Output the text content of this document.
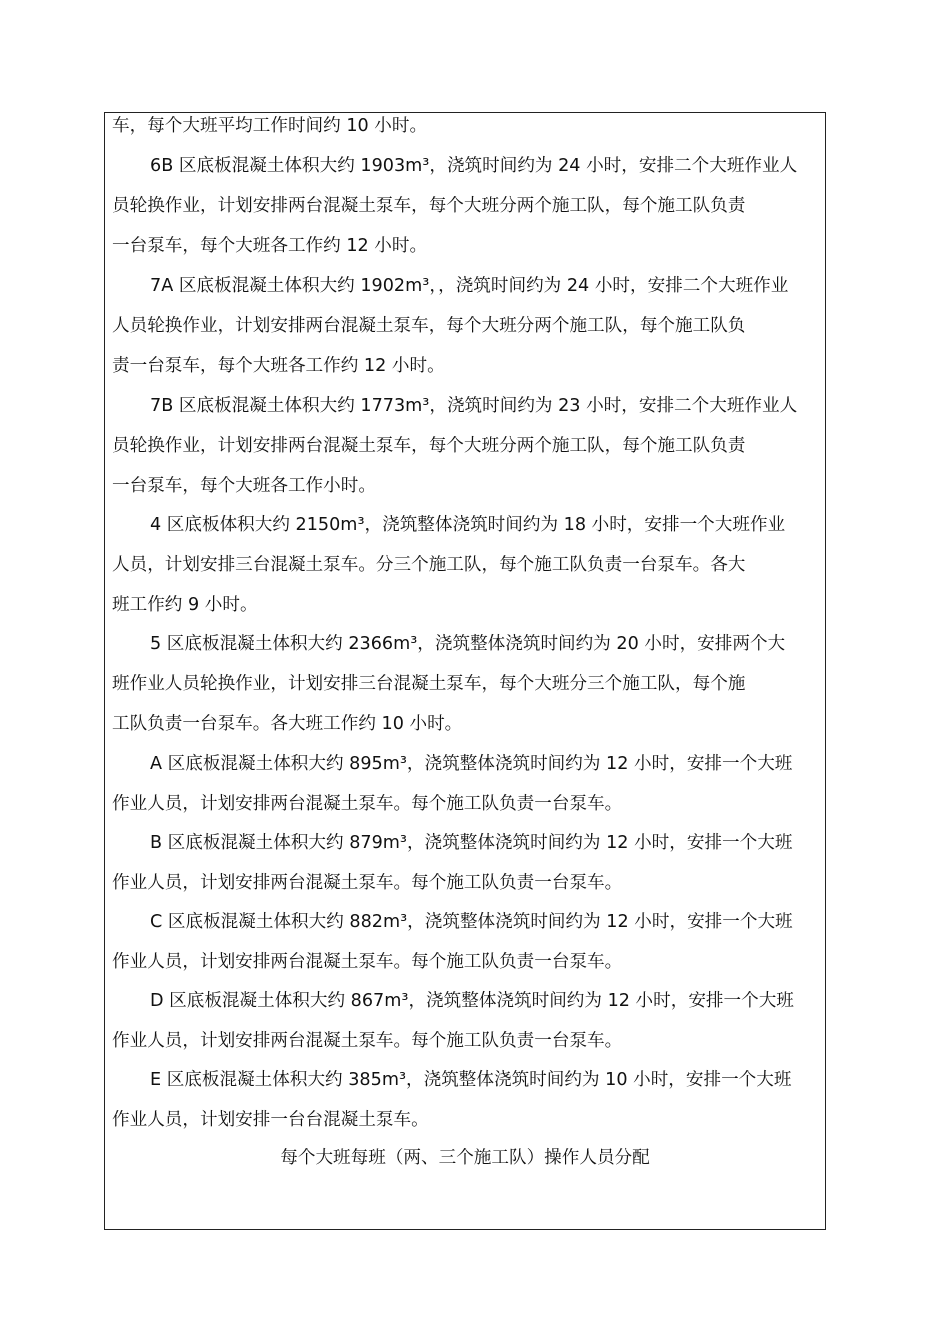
车，每个大班平均工作时间约 10 小时。
6B 区底板混凝土体积大约 1903m³，浇筑时间约为 24 小时，安排二个大班作业人
员轮换作业，计划安排两台混凝土泵车，每个大班分两个施工队，每个施工队负责
一台泵车，每个大班各工作约 12 小时。
7A 区底板混凝土体积大约 1902m³，，浇筑时间约为 24 小时，安排二个大班作业
人员轮换作业，计划安排两台混凝土泵车，每个大班分两个施工队，每个施工队负
责一台泵车，每个大班各工作约 12 小时。
7B 区底板混凝土体积大约 1773m³，浇筑时间约为 23 小时，安排二个大班作业人
员轮换作业，计划安排两台混凝土泵车，每个大班分两个施工队，每个施工队负责
一台泵车，每个大班各工作小时。
4 区底板体积大约 2150m³，浇筑整体浇筑时间约为 18 小时，安排一个大班作业
人员，计划安排三台混凝土泵车。分三个施工队，每个施工队负责一台泵车。各大
班工作约 9 小时。
5 区底板混凝土体积大约 2366m³，浇筑整体浇筑时间约为 20 小时，安排两个大
班作业人员轮换作业，计划安排三台混凝土泵车，每个大班分三个施工队，每个施
工队负责一台泵车。各大班工作约 10 小时。
A 区底板混凝土体积大约 895m³，浇筑整体浇筑时间约为 12 小时，安排一个大班
作业人员，计划安排两台混凝土泵车。每个施工队负责一台泵车。
B 区底板混凝土体积大约 879m³，浇筑整体浇筑时间约为 12 小时，安排一个大班
作业人员，计划安排两台混凝土泵车。每个施工队负责一台泵车。
C 区底板混凝土体积大约 882m³，浇筑整体浇筑时间约为 12 小时，安排一个大班
作业人员，计划安排两台混凝土泵车。每个施工队负责一台泵车。
D 区底板混凝土体积大约 867m³，浇筑整体浇筑时间约为 12 小时，安排一个大班
作业人员，计划安排两台混凝土泵车。每个施工队负责一台泵车。
E 区底板混凝土体积大约 385m³，浇筑整体浇筑时间约为 10 小时，安排一个大班
作业人员，计划安排一台台混凝土泵车。
每个大班每班（两、三个施工队）操作人员分配
